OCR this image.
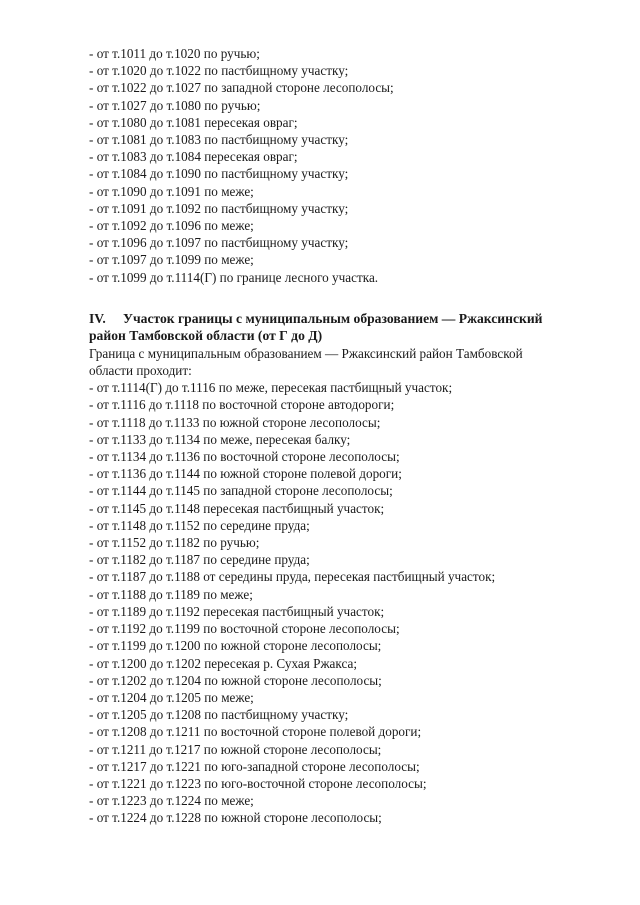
- от т.1011 до т.1020 по ручью;
- от т.1020 до т.1022 по пастбищному участку;
- от т.1022 до т.1027 по западной стороне лесополосы;
- от т.1027 до т.1080 по ручью;
- от т.1080 до т.1081 пересекая овраг;
- от т.1081 до т.1083 по пастбищному участку;
- от т.1083 до т.1084 пересекая овраг;
- от т.1084 до т.1090 по пастбищному участку;
- от т.1090 до т.1091 по меже;
- от т.1091 до т.1092 по пастбищному участку;
- от т.1092 до т.1096 по меже;
- от т.1096 до т.1097 по пастбищному участку;
- от т.1097 до т.1099 по меже;
- от т.1099 до т.1114(Г) по границе лесного участка.
IV. Участок границы с муниципальным образованием — Ржаксинский
район Тамбовской области (от Г до Д)
Граница с муниципальным образованием — Ржаксинский район Тамбовской
области проходит:
- от т.1114(Г) до т.1116 по меже, пересекая пастбищный участок;
- от т.1116 до т.1118 по восточной стороне автодороги;
- от т.1118 до т.1133 по южной стороне лесополосы;
- от т.1133 до т.1134 по меже, пересекая балку;
- от т.1134 до т.1136 по восточной стороне лесополосы;
- от т.1136 до т.1144 по южной стороне полевой дороги;
- от т.1144 до т.1145 по западной стороне лесополосы;
- от т.1145 до т.1148 пересекая пастбищный участок;
- от т.1148 до т.1152 по середине пруда;
- от т.1152 до т.1182 по ручью;
- от т.1182 до т.1187 по середине пруда;
- от т.1187 до т.1188 от середины пруда, пересекая пастбищный участок;
- от т.1188 до т.1189 по меже;
- от т.1189 до т.1192 пересекая пастбищный участок;
- от т.1192 до т.1199 по восточной стороне лесополосы;
- от т.1199 до т.1200 по южной стороне лесополосы;
- от т.1200 до т.1202 пересекая р. Сухая Ржакса;
- от т.1202 до т.1204 по южной стороне лесополосы;
- от т.1204 до т.1205 по меже;
- от т.1205 до т.1208 по пастбищному участку;
- от т.1208 до т.1211 по восточной стороне полевой дороги;
- от т.1211 до т.1217 по южной стороне лесополосы;
- от т.1217 до т.1221 по юго-западной стороне лесополосы;
- от т.1221 до т.1223 по юго-восточной стороне лесополосы;
- от т.1223 до т.1224 по меже;
- от т.1224 до т.1228 по южной стороне лесополосы;
